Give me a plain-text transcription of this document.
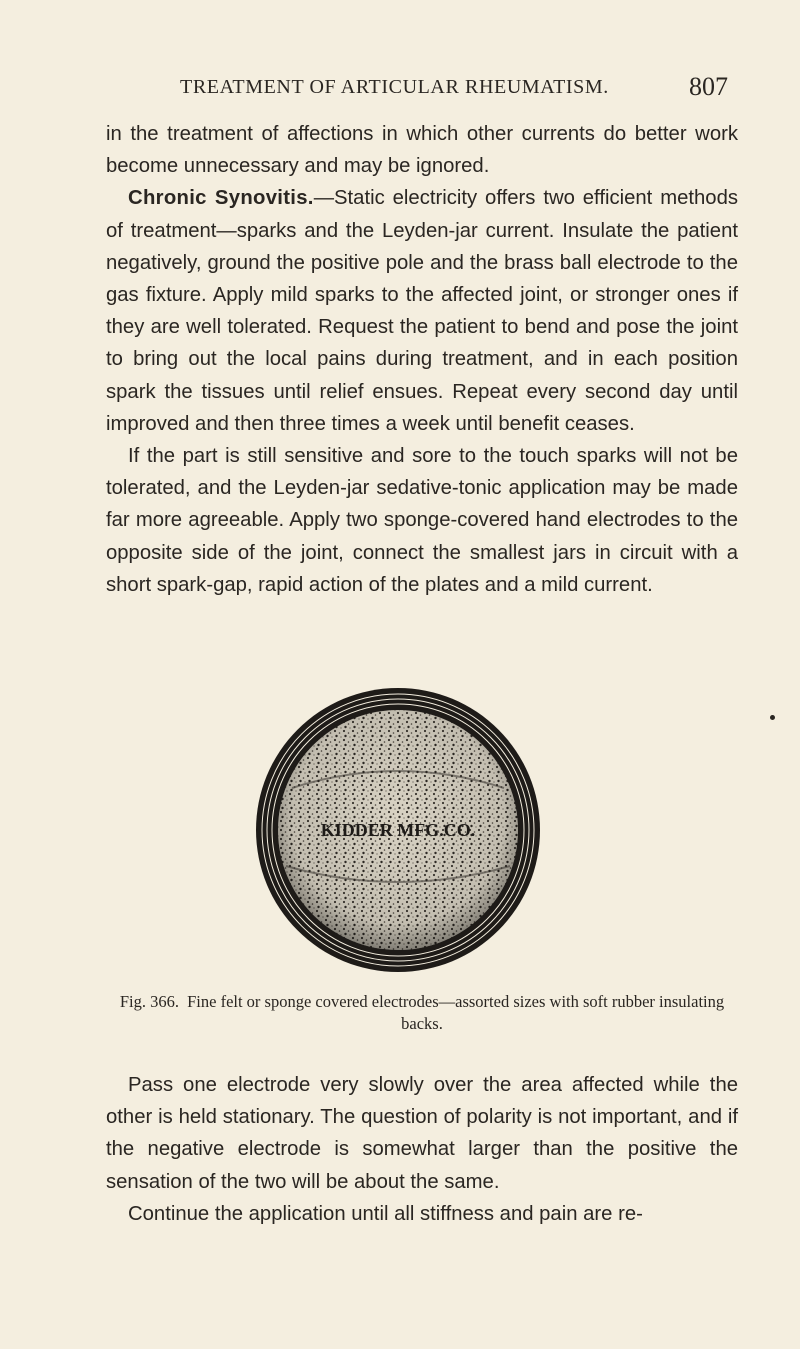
TREATMENT OF ARTICULAR RHEUMATISM.	807

in the treatment of affections in which other currents do better work become unnecessary and may be ignored.

Chronic Synovitis.—Static electricity offers two efficient methods of treatment—sparks and the Leyden-jar current. Insulate the patient negatively, ground the positive pole and the brass ball electrode to the gas fixture. Apply mild sparks to the affected joint, or stronger ones if they are well tolerated. Request the patient to bend and pose the joint to bring out the local pains during treatment, and in each position spark the tissues until relief ensues. Repeat every second day until improved and then three times a week until benefit ceases.

If the part is still sensitive and sore to the touch sparks will not be tolerated, and the Leyden-jar sedative-tonic application may be made far more agreeable. Apply two sponge-covered hand electrodes to the opposite side of the joint, connect the smallest jars in circuit with a short spark-gap, rapid action of the plates and a mild current.

KIDDER MFG.CO.
Fig. 366. Fine felt or sponge covered electrodes—assorted sizes with soft rubber insulating backs.

Pass one electrode very slowly over the area affected while the other is held stationary. The question of polarity is not important, and if the negative electrode is somewhat larger than the positive the sensation of the two will be about the same.

Continue the application until all stiffness and pain are re-
